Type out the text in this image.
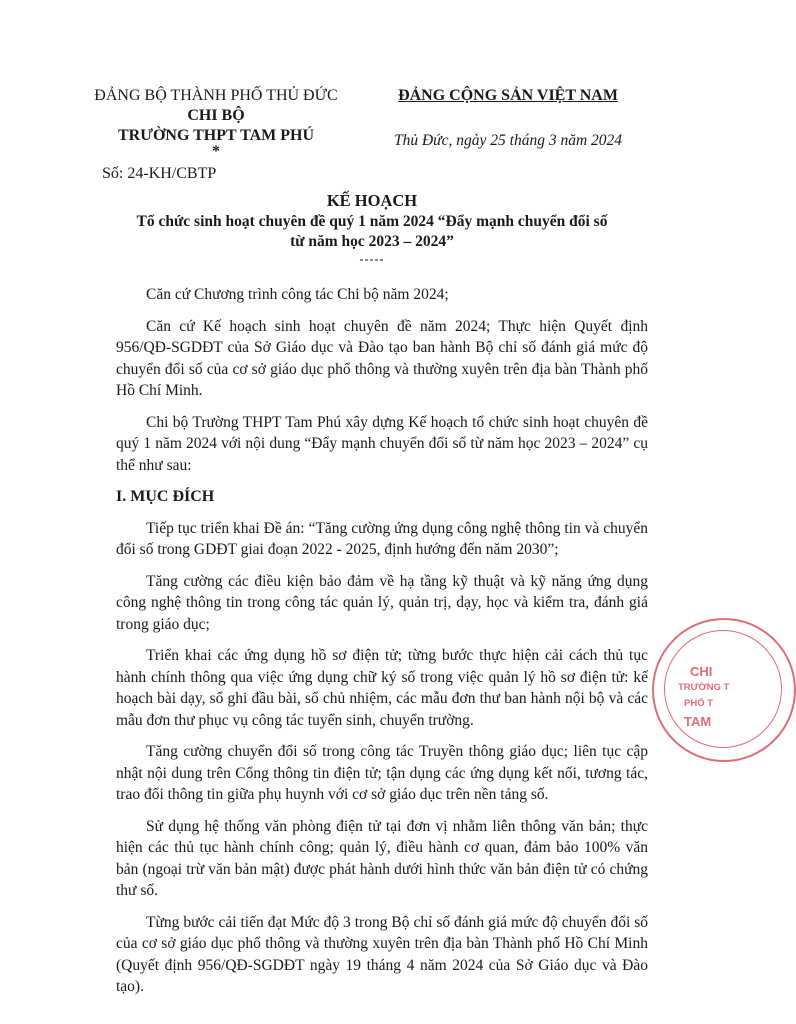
ĐẢNG BỘ THÀNH PHỐ THỦ ĐỨC
CHI BỘ
TRƯỜNG THPT TAM PHÚ
*
Số: 24-KH/CBTP
ĐẢNG CỘNG SẢN VIỆT NAM
Thủ Đức, ngày 25 tháng 3 năm 2024
KẾ HOẠCH
Tổ chức sinh hoạt chuyên đề quý 1 năm 2024 “Đẩy mạnh chuyển đổi số
từ năm học 2023 – 2024”
-----

Căn cứ Chương trình công tác Chi bộ năm 2024;

Căn cứ Kế hoạch sinh hoạt chuyên đề năm 2024; Thực hiện Quyết định 956/QĐ-SGDĐT của Sở Giáo dục và Đào tạo ban hành Bộ chỉ số đánh giá mức độ chuyển đổi số của cơ sở giáo dục phổ thông và thường xuyên trên địa bàn Thành phố Hồ Chí Minh.

Chi bộ Trường THPT Tam Phú xây dựng Kế hoạch tổ chức sinh hoạt chuyên đề quý 1 năm 2024 với nội dung “Đẩy mạnh chuyển đổi số từ năm học 2023 – 2024” cụ thể như sau:

I. MỤC ĐÍCH

Tiếp tục triển khai Đề án: “Tăng cường ứng dụng công nghệ thông tin và chuyển đổi số trong GDĐT giai đoạn 2022 - 2025, định hướng đến năm 2030”;

Tăng cường các điều kiện bảo đảm về hạ tầng kỹ thuật và kỹ năng ứng dụng công nghệ thông tin trong công tác quản lý, quản trị, dạy, học và kiểm tra, đánh giá trong giáo dục;

Triển khai các ứng dụng hồ sơ điện tử; từng bước thực hiện cải cách thủ tục hành chính thông qua việc ứng dụng chữ ký số trong việc quản lý hồ sơ điện tử: kế hoạch bài dạy, sổ ghi đầu bài, sổ chủ nhiệm, các mẫu đơn thư ban hành nội bộ và các mẫu đơn thư phục vụ công tác tuyển sinh, chuyển trường.

Tăng cường chuyển đổi số trong công tác Truyền thông giáo dục; liên tục cập nhật nội dung trên Cổng thông tin điện tử; tận dụng các ứng dụng kết nối, tương tác, trao đổi thông tin giữa phụ huynh với cơ sở giáo dục trên nền tảng số.

Sử dụng hệ thống văn phòng điện tử tại đơn vị nhằm liên thông văn bản; thực hiện các thủ tục hành chính công; quản lý, điều hành cơ quan, đảm bảo 100% văn bản (ngoại trừ văn bản mật) được phát hành dưới hình thức văn bản điện tử có chứng thư số.

Từng bước cải tiến đạt Mức độ 3 trong Bộ chỉ số đánh giá mức độ chuyển đổi số của cơ sở giáo dục phổ thông và thường xuyên trên địa bàn Thành phố Hồ Chí Minh (Quyết định 956/QĐ-SGDĐT ngày 19 tháng 4 năm 2024 của Sở Giáo dục và Đào tạo).

CHI
TRƯỜNG T
PHỔ T
TAM
